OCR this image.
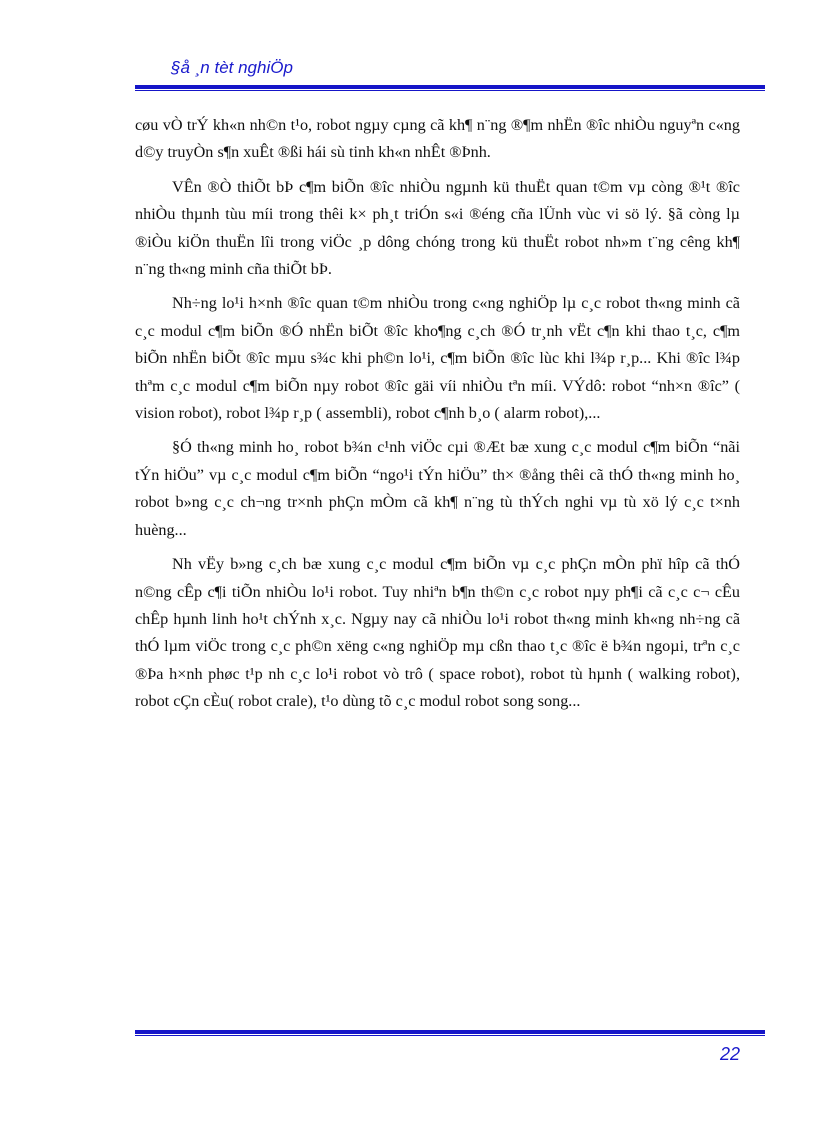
§å ¸n tèt nghiÖp

cøu vÒ trÝ kh«n nh©n t¹o, robot ngµy cµng cã kh¶ n¨ng ®¶m nhËn ®îc nhiÒu nguyªn c«ng d©y truyÒn s¶n xuÊt ®ßi hái sù tinh kh«n nhÊt ®Þnh.

VÊn ®Ò thiÕt bÞ c¶m biÕn ®îc nhiÒu ngµnh kü thuËt quan t©m vµ còng ®¹t ®îc nhiÒu thµnh tùu míi trong thêi k× ph¸t triÓn s«i ®éng cña lÜnh vùc vi sö lý. §ã còng lµ ®iÒu kiÖn thuËn lîi trong viÖc ¸p dông chóng trong kü thuËt robot nh»m t¨ng cêng kh¶ n¨ng th«ng minh cña thiÕt bÞ.

Nh÷ng lo¹i h×nh ®îc quan t©m nhiÒu trong c«ng nghiÖp lµ c¸c robot th«ng minh cã c¸c modul c¶m biÕn ®Ó nhËn biÕt ®îc kho¶ng c¸ch ®Ó tr¸nh vËt c¶n khi thao t¸c, c¶m biÕn nhËn biÕt ®îc mµu s¾c khi ph©n lo¹i, c¶m biÕn ®îc lùc khi l¾p r¸p... Khi ®îc l¾p thªm c¸c modul c¶m biÕn nµy robot ®îc gäi víi nhiÒu tªn míi. VÝdô: robot “nh×n ®îc” ( vision robot), robot l¾p r¸p ( assembli), robot c¶nh b¸o ( alarm robot),...

§Ó th«ng minh ho¸ robot b¾n c¹nh viÖc cµi ®Æt bæ xung c¸c modul c¶m biÕn “nãi tÝn hiÖu” vµ c¸c modul c¶m biÕn “ngo¹i tÝn hiÖu” th× ®ång thêi cã thÓ th«ng minh ho¸ robot b»ng c¸c ch¬ng tr×nh phÇn mÒm cã kh¶ n¨ng tù thÝch nghi vµ tù xö lý c¸c t×nh huèng...

Nh vËy b»ng c¸ch bæ xung c¸c modul c¶m biÕn vµ c¸c phÇn mÒn phï hîp cã thÓ n©ng cÊp c¶i tiÕn nhiÒu lo¹i robot. Tuy nhiªn b¶n th©n c¸c robot nµy ph¶i cã c¸c c¬ cÊu chÊp hµnh linh ho¹t chÝnh x¸c. Ngµy nay cã nhiÒu lo¹i robot th«ng minh kh«ng nh÷ng cã thÓ lµm viÖc trong c¸c ph©n xëng c«ng nghiÖp mµ cßn thao t¸c ®îc ë b¾n ngoµi, trªn c¸c ®Þa h×nh phøc t¹p nh c¸c lo¹i robot vò trô ( space robot), robot tù hµnh ( walking robot), robot cÇn cÈu( robot crale), t¹o dùng tõ c¸c modul robot song song...

22
